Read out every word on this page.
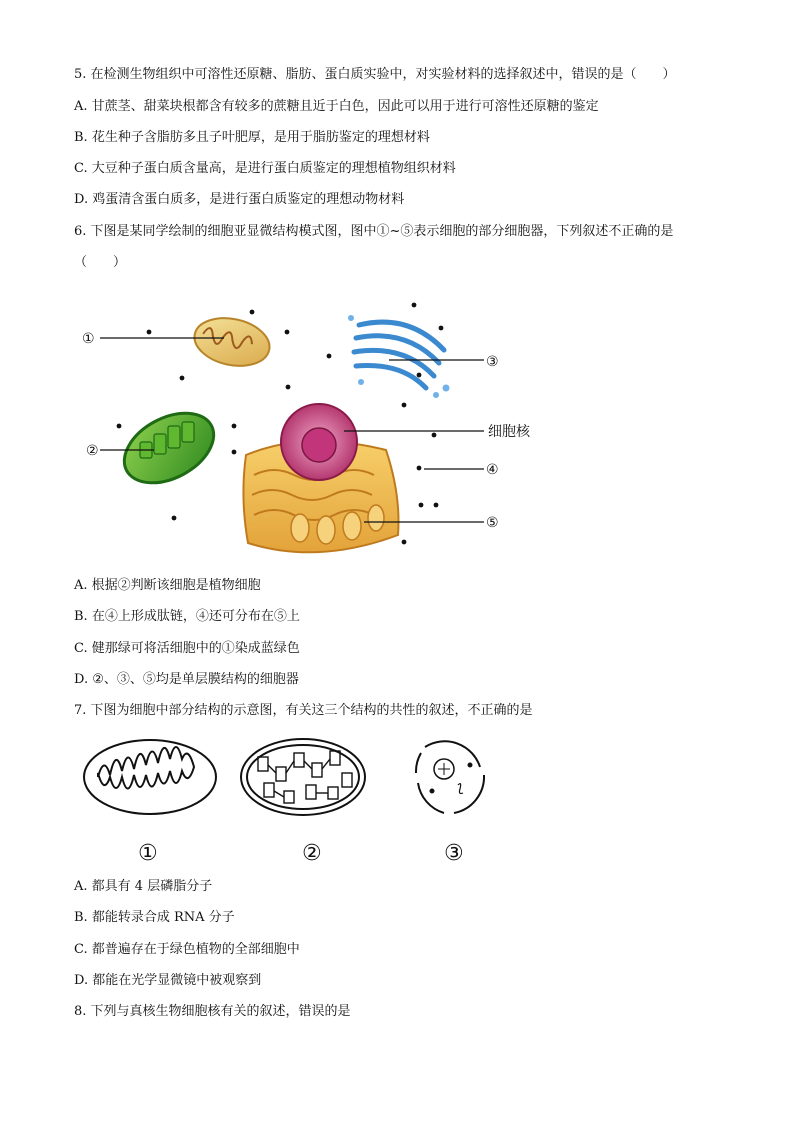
5. 在检测生物组织中可溶性还原糖、脂肪、蛋白质实验中，对实验材料的选择叙述中，错误的是（　　）
A. 甘蔗茎、甜菜块根都含有较多的蔗糖且近于白色，因此可以用于进行可溶性还原糖的鉴定
B. 花生种子含脂肪多且子叶肥厚，是用于脂肪鉴定的理想材料
C. 大豆种子蛋白质含量高，是进行蛋白质鉴定的理想植物组织材料
D. 鸡蛋清含蛋白质多，是进行蛋白质鉴定的理想动物材料
6. 下图是某同学绘制的细胞亚显微结构模式图，图中①~⑤表示细胞的部分细胞器，下列叙述不正确的是
（　　）
①
③
②
细胞核
④
⑤
A. 根据②判断该细胞是植物细胞
B. 在④上形成肽链，④还可分布在⑤上
C. 健那绿可将活细胞中的①染成蓝绿色
D. ②、③、⑤均是单层膜结构的细胞器
7. 下图为细胞中部分结构的示意图，有关这三个结构的共性的叙述，不正确的是
①	②	③
A. 都具有 4 层磷脂分子
B. 都能转录合成 RNA 分子
C. 都普遍存在于绿色植物的全部细胞中
D. 都能在光学显微镜中被观察到
8. 下列与真核生物细胞核有关的叙述，错误的是
